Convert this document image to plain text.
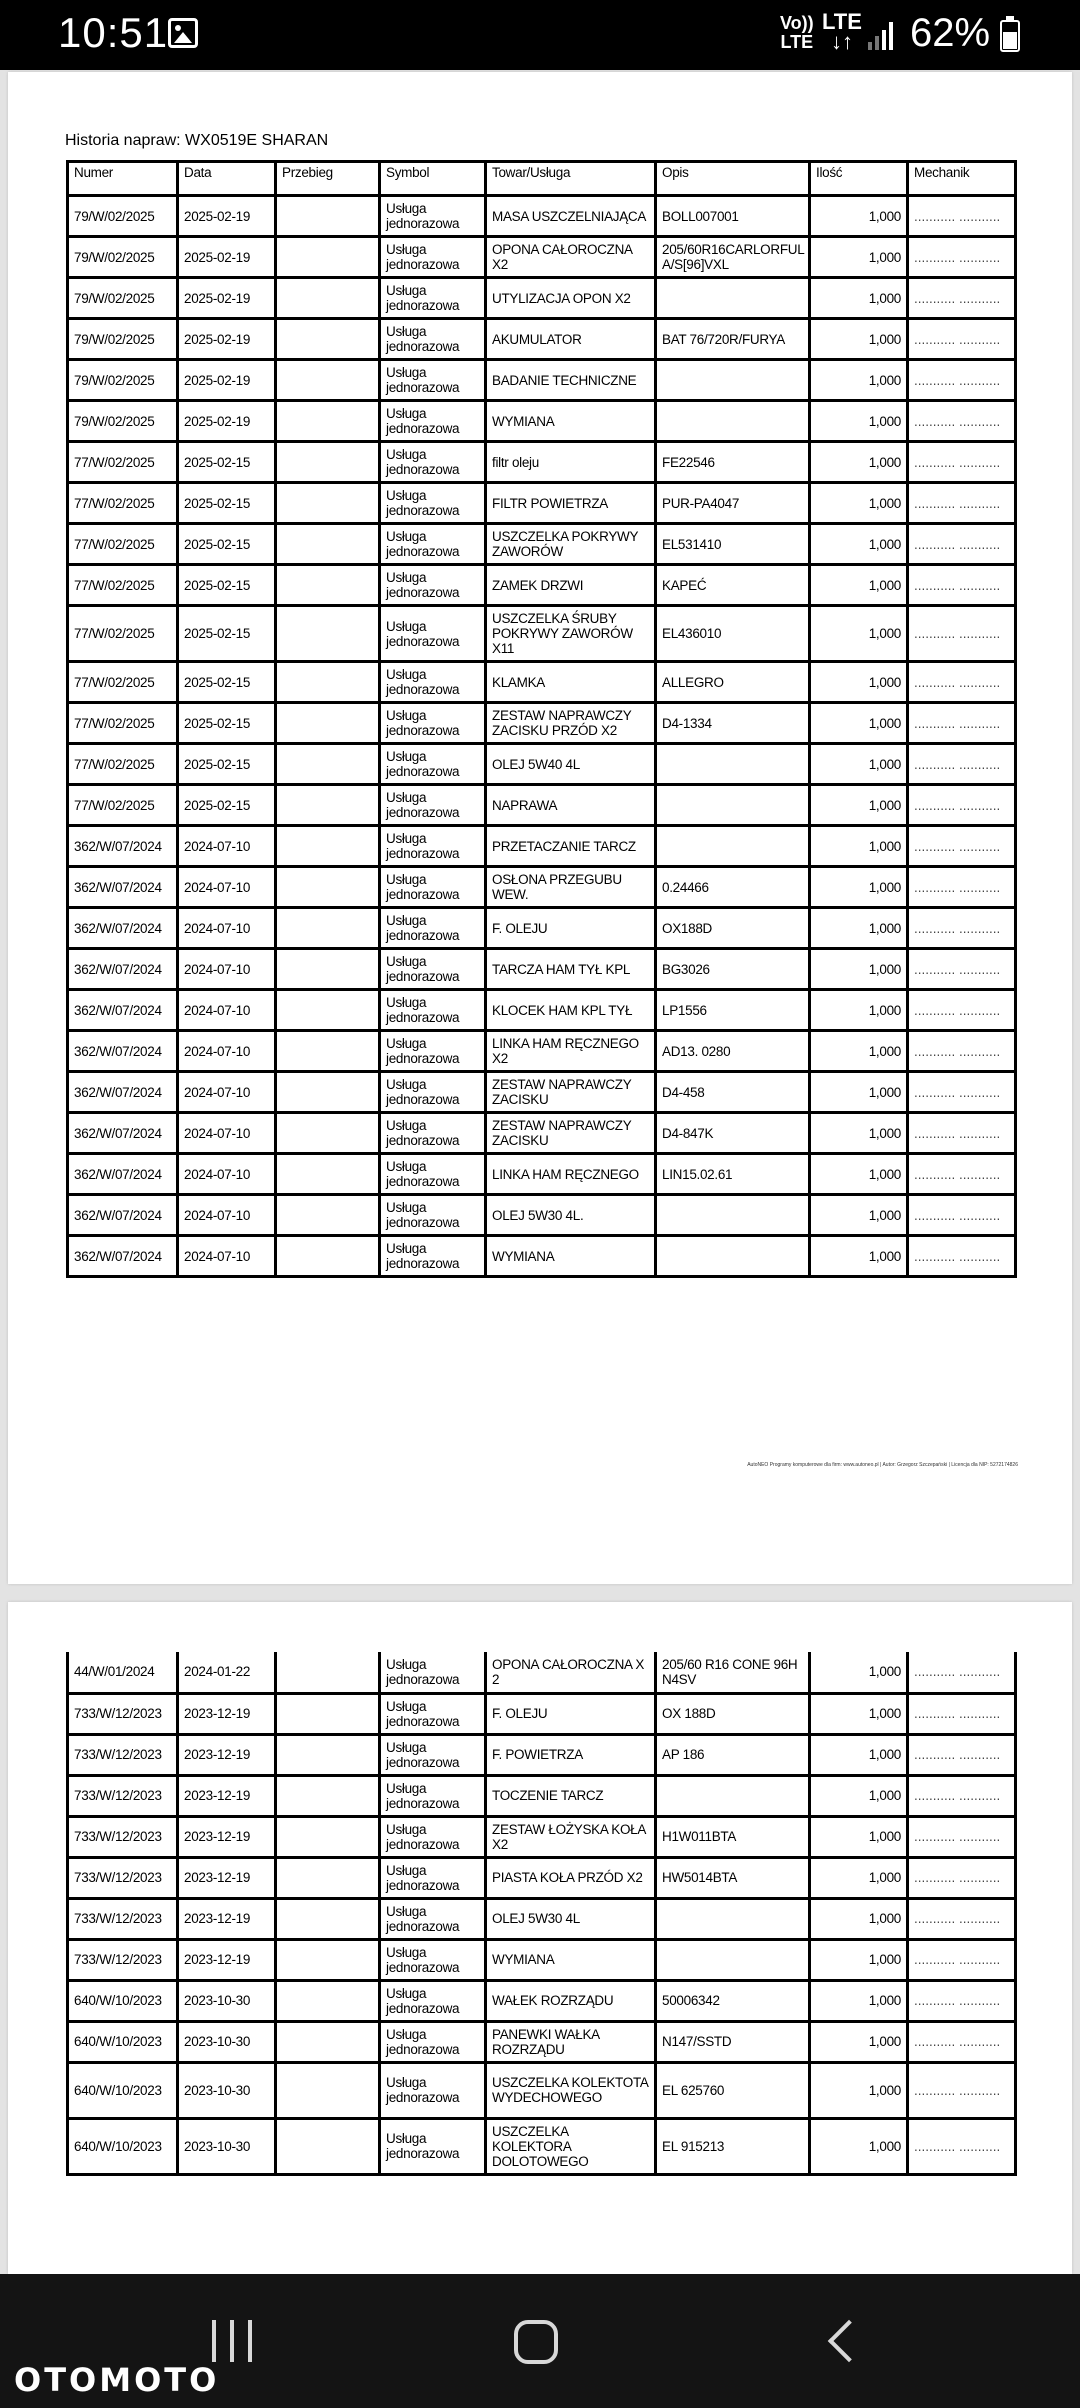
10:51	Vo))
LTE
LTE
↓↑ 62%
Historia napraw: WX0519E SHARAN
Numer	Data	Przebieg	Symbol	Towar/Usługa	Opis	Ilość	Mechanik
79/W/02/2025	2025-02-19		Usługa jednorazowa	MASA USZCZELNIAJĄCA	BOLL007001	1,000	........... ...........
79/W/02/2025	2025-02-19		Usługa jednorazowa	OPONA CAŁOROCZNA X2	205/60R16CARLORFUL A/S[96]VXL	1,000	........... ...........
79/W/02/2025	2025-02-19		Usługa jednorazowa	UTYLIZACJA OPON X2		1,000	........... ...........
79/W/02/2025	2025-02-19		Usługa jednorazowa	AKUMULATOR	BAT 76/720R/FURYA	1,000	........... ...........
79/W/02/2025	2025-02-19		Usługa jednorazowa	BADANIE TECHNICZNE		1,000	........... ...........
79/W/02/2025	2025-02-19		Usługa jednorazowa	WYMIANA		1,000	........... ...........
77/W/02/2025	2025-02-15		Usługa jednorazowa	filtr oleju	FE22546	1,000	........... ...........
77/W/02/2025	2025-02-15		Usługa jednorazowa	FILTR POWIETRZA	PUR-PA4047	1,000	........... ...........
77/W/02/2025	2025-02-15		Usługa jednorazowa	USZCZELKA POKRYWY ZAWORÓW	EL531410	1,000	........... ...........
77/W/02/2025	2025-02-15		Usługa jednorazowa	ZAMEK DRZWI	KAPEĆ	1,000	........... ...........
77/W/02/2025	2025-02-15		Usługa jednorazowa	USZCZELKA ŚRUBY POKRYWY ZAWORÓW X11	EL436010	1,000	........... ...........
77/W/02/2025	2025-02-15		Usługa jednorazowa	KLAMKA	ALLEGRO	1,000	........... ...........
77/W/02/2025	2025-02-15		Usługa jednorazowa	ZESTAW NAPRAWCZY ZACISKU PRZÓD X2	D4-1334	1,000	........... ...........
77/W/02/2025	2025-02-15		Usługa jednorazowa	OLEJ 5W40 4L		1,000	........... ...........
77/W/02/2025	2025-02-15		Usługa jednorazowa	NAPRAWA		1,000	........... ...........
362/W/07/2024	2024-07-10		Usługa jednorazowa	PRZETACZANIE TARCZ		1,000	........... ...........
362/W/07/2024	2024-07-10		Usługa jednorazowa	OSŁONA PRZEGUBU WEW.	0.24466	1,000	........... ...........
362/W/07/2024	2024-07-10		Usługa jednorazowa	F. OLEJU	OX188D	1,000	........... ...........
362/W/07/2024	2024-07-10		Usługa jednorazowa	TARCZA HAM TYŁ KPL	BG3026	1,000	........... ...........
362/W/07/2024	2024-07-10		Usługa jednorazowa	KLOCEK HAM KPL TYŁ	LP1556	1,000	........... ...........
362/W/07/2024	2024-07-10		Usługa jednorazowa	LINKA HAM RĘCZNEGO X2	AD13. 0280	1,000	........... ...........
362/W/07/2024	2024-07-10		Usługa jednorazowa	ZESTAW NAPRAWCZY ZACISKU	D4-458	1,000	........... ...........
362/W/07/2024	2024-07-10		Usługa jednorazowa	ZESTAW NAPRAWCZY ZACISKU	D4-847K	1,000	........... ...........
362/W/07/2024	2024-07-10		Usługa jednorazowa	LINKA HAM RĘCZNEGO	LIN15.02.61	1,000	........... ...........
362/W/07/2024	2024-07-10		Usługa jednorazowa	OLEJ 5W30 4L.		1,000	........... ...........
362/W/07/2024	2024-07-10		Usługa jednorazowa	WYMIANA		1,000	........... ...........
AutoNEO Programy komputerowe dla firm: www.autoneo.pl | Autor: Grzegorz Szczepański | Licencja dla NIP: 5272174826
44/W/01/2024	2024-01-22		Usługa jednorazowa	OPONA CAŁOROCZNA X 2	205/60 R16 CONE 96H N4SV	1,000	........... ...........
733/W/12/2023	2023-12-19		Usługa jednorazowa	F. OLEJU	OX 188D	1,000	........... ...........
733/W/12/2023	2023-12-19		Usługa jednorazowa	F. POWIETRZA	AP 186	1,000	........... ...........
733/W/12/2023	2023-12-19		Usługa jednorazowa	TOCZENIE TARCZ		1,000	........... ...........
733/W/12/2023	2023-12-19		Usługa jednorazowa	ZESTAW ŁOŻYSKA KOŁA X2	H1W011BTA	1,000	........... ...........
733/W/12/2023	2023-12-19		Usługa jednorazowa	PIASTA KOŁA PRZÓD X2	HW5014BTA	1,000	........... ...........
733/W/12/2023	2023-12-19		Usługa jednorazowa	OLEJ 5W30 4L		1,000	........... ...........
733/W/12/2023	2023-12-19		Usługa jednorazowa	WYMIANA		1,000	........... ...........
640/W/10/2023	2023-10-30		Usługa jednorazowa	WAŁEK ROZRZĄDU	50006342	1,000	........... ...........
640/W/10/2023	2023-10-30		Usługa jednorazowa	PANEWKI WAŁKA ROZRZĄDU	N147/SSTD	1,000	........... ...........
640/W/10/2023	2023-10-30		Usługa jednorazowa	USZCZELKA KOLEKTOTA WYDECHOWEGO	EL 625760	1,000	........... ...........
640/W/10/2023	2023-10-30		Usługa jednorazowa	USZCZELKA KOLEKTORA DOLOTOWEGO	EL 915213	1,000	........... ...........
OTOMOTO
